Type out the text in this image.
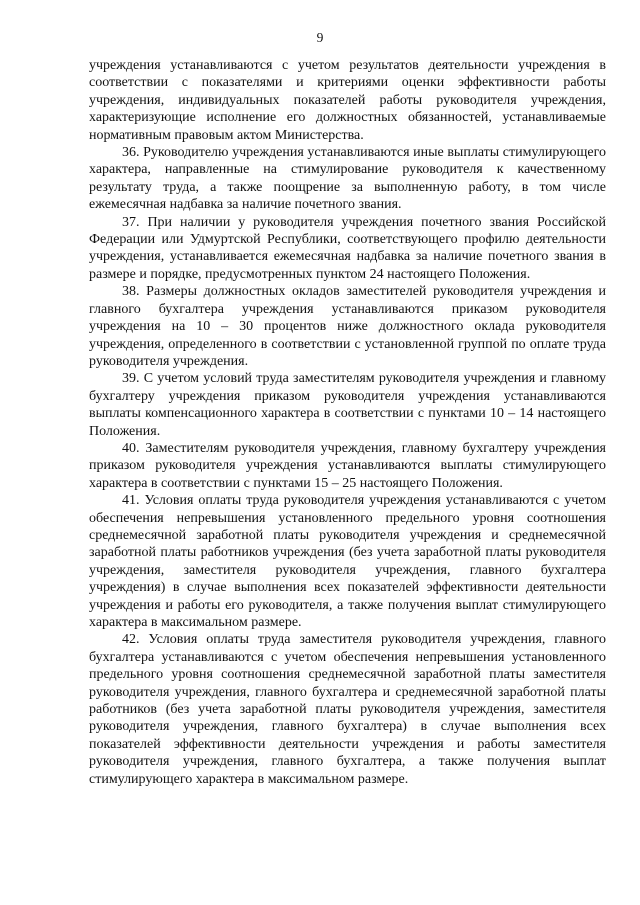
9

учреждения устанавливаются с учетом результатов деятельности учреждения в соответствии с показателями и критериями оценки эффективности работы учреждения, индивидуальных показателей работы руководителя учреждения, характеризующие исполнение его должностных обязанностей, устанавливаемые нормативным правовым актом Министерства.

36. Руководителю учреждения устанавливаются иные выплаты стимулирующего характера, направленные на стимулирование руководителя к качественному результату труда, а также поощрение за выполненную работу, в том числе ежемесячная надбавка за наличие почетного звания.

37. При наличии у руководителя учреждения почетного звания Российской Федерации или Удмуртской Республики, соответствующего профилю деятельности учреждения, устанавливается ежемесячная надбавка за наличие почетного звания в размере и порядке, предусмотренных пунктом 24 настоящего Положения.

38. Размеры должностных окладов заместителей руководителя учреждения и главного бухгалтера учреждения устанавливаются приказом руководителя учреждения на 10 – 30 процентов ниже должностного оклада руководителя учреждения, определенного в соответствии с установленной группой по оплате труда руководителя учреждения.

39. С учетом условий труда заместителям руководителя учреждения и главному бухгалтеру учреждения приказом руководителя учреждения устанавливаются выплаты компенсационного характера в соответствии с пунктами 10 – 14 настоящего Положения.

40. Заместителям руководителя учреждения, главному бухгалтеру учреждения приказом руководителя учреждения устанавливаются выплаты стимулирующего характера в соответствии с пунктами 15 – 25 настоящего Положения.

41. Условия оплаты труда руководителя учреждения устанавливаются с учетом обеспечения непревышения установленного предельного уровня соотношения среднемесячной заработной платы руководителя учреждения и среднемесячной заработной платы работников учреждения (без учета заработной платы руководителя учреждения, заместителя руководителя учреждения, главного бухгалтера учреждения) в случае выполнения всех показателей эффективности деятельности учреждения и работы его руководителя, а также получения выплат стимулирующего характера в максимальном размере.

42. Условия оплаты труда заместителя руководителя учреждения, главного бухгалтера устанавливаются с учетом обеспечения непревышения установленного предельного уровня соотношения среднемесячной заработной платы заместителя руководителя учреждения, главного бухгалтера и среднемесячной заработной платы работников (без учета заработной платы руководителя учреждения, заместителя руководителя учреждения, главного бухгалтера) в случае выполнения всех показателей эффективности деятельности учреждения и работы заместителя руководителя учреждения, главного бухгалтера, а также получения выплат стимулирующего характера в максимальном размере.
